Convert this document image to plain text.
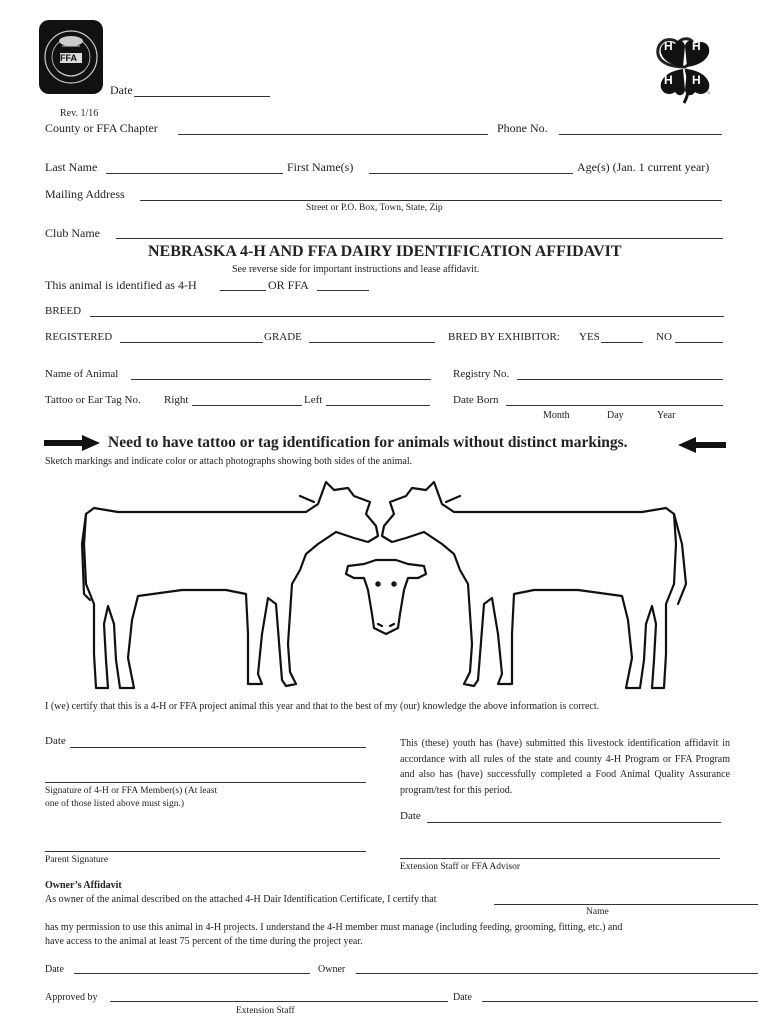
FFA
©
H H
H H
Date
Rev. 1/16
County or FFA Chapter	Phone No.
Last Name	First Name(s)	Age(s) (Jan. 1 current year)
Mailing Address
Street or P.O. Box, Town, State, Zip
Club Name
NEBRASKA 4-H AND FFA DAIRY IDENTIFICATION AFFIDAVIT
See reverse side for important instructions and lease affidavit.
This animal is identified as 4-H	OR FFA
BREED
REGISTERED	GRADE	BRED BY EXHIBITOR: YES	NO
Name of Animal	Registry No.
Tattoo or Ear Tag No. Right	Left	Date Born
Month	Day	Year
Need to have tattoo or tag identification for animals without distinct markings.
Sketch markings and indicate color or attach photographs showing both sides of the animal.
I (we) certify that this is a 4-H or FFA project animal this year and that to the best of my (our) knowledge the above information is correct.
Date
Signature of 4-H or FFA Member(s) (At least
one of those listed above must sign.)
Parent Signature
This (these) youth has (have) submitted this livestock identification affidavit in accordance with all rules of the state and county 4-H Program or FFA Program and also has (have) successfully completed a Food Animal Quality Assurance program/test for this period.
Date
Extension Staff or FFA Advisor
Owner’s Affidavit
As owner of the animal described on the attached 4-H Dair Identification Certificate, I certify that
Name
has my permission to use this animal in 4-H projects. I understand the 4-H member must manage (including feeding, grooming, fitting, etc.) and
have access to the animal at least 75 percent of the time during the project year.
Date	Owner
Approved by	Date
Extension Staff
